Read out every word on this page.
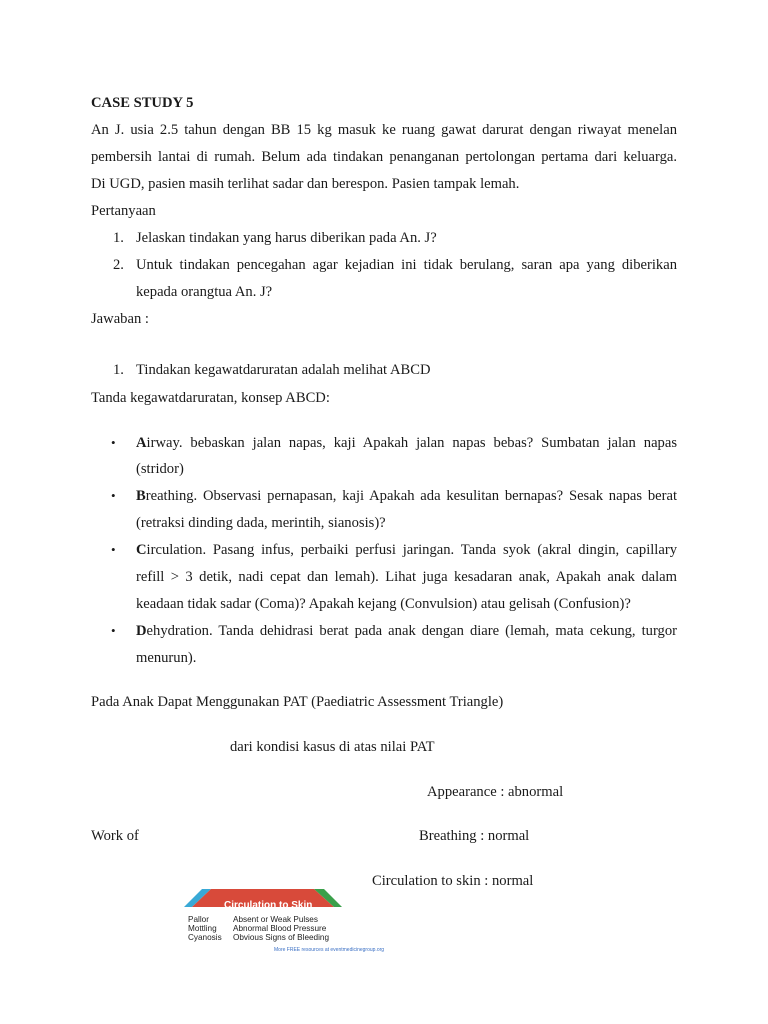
CASE STUDY 5
An J. usia 2.5 tahun dengan BB 15 kg masuk ke ruang gawat darurat dengan riwayat menelan
pembersih lantai di rumah. Belum ada tindakan penanganan pertolongan pertama dari keluarga.
Di UGD, pasien masih terlihat sadar dan berespon. Pasien tampak lemah.
Pertanyaan
1. Jelaskan tindakan yang harus diberikan pada An. J?
2. Untuk tindakan pencegahan agar kejadian ini tidak berulang, saran apa yang diberikan
kepada orangtua An. J?
Jawaban :
1. Tindakan kegawatdaruratan adalah melihat ABCD
Tanda kegawatdaruratan, konsep ABCD:
• Airway. bebaskan jalan napas, kaji Apakah jalan napas bebas? Sumbatan jalan napas
(stridor)
• Breathing. Observasi pernapasan, kaji Apakah ada kesulitan bernapas? Sesak napas berat
(retraksi dinding dada, merintih, sianosis)?
• Circulation. Pasang infus, perbaiki perfusi jaringan. Tanda syok (akral dingin, capillary
refill > 3 detik, nadi cepat dan lemah). Lihat juga kesadaran anak, Apakah anak dalam
keadaan tidak sadar (Coma)? Apakah kejang (Convulsion) atau gelisah (Confusion)?
• Dehydration. Tanda dehidrasi berat pada anak dengan diare (lemah, mata cekung, turgor
menurun).
Pada Anak Dapat Menggunakan PAT (Paediatric Assessment Triangle)
dari kondisi kasus di atas nilai PAT
Appearance : abnormal
Work of	Breathing : normal
Circulation to skin : normal
Circulation to Skin
Pallor
Mottling
Cyanosis
Absent or Weak Pulses
Abnormal Blood Pressure
Obvious Signs of Bleeding
More FREE resources at eventmedicinegroup.org
